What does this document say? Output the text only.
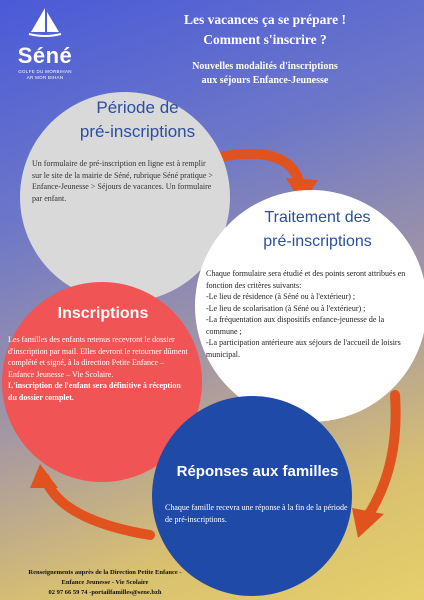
Séné
GOLFE DU MORBIHAN
AR MOR BIHAN
Les vacances ça se prépare !
Comment s'inscrire ?
Nouvelles modalités d'inscriptions
aux séjours Enfance-Jeunesse
Période de
pré-inscriptions
Un formulaire de pré-inscription en ligne est à remplir sur le site de la mairie de Séné, rubrique Séné pratique > Enfance-Jeunesse > Séjours de vacances. Un formulaire par enfant.
Traitement des
pré-inscriptions
Chaque formulaire sera étudié et des points seront attribués en fonction des critères suivants:
-Le lieu de résidence (à Séné ou à l'extérieur) ;
-Le lieu de scolarisation (à Séné ou à l'extérieur) ;
-La fréquentation aux dispositifs enfance-jeunesse de la commune ;
-La participation antérieure aux séjours de l'accueil de loisirs municipal.
Inscriptions
Les familles des enfants retenus recevront le dossier d'inscription par mail. Elles devront le retourner dûment complété et signé, à la direction Petite Enfance – Enfance Jeunesse – Vie Scolaire.
L'inscription de l'enfant sera définitive à réception du dossier complet.
Réponses aux familles
Chaque famille recevra une réponse à la fin de la période de pré-inscriptions.
Renseignements auprès de la Direction Petite Enfance -
Enfance Jeunesse - Vie Scolaire
02 97 66 59 74 -portailfamilles@sene.bzh
